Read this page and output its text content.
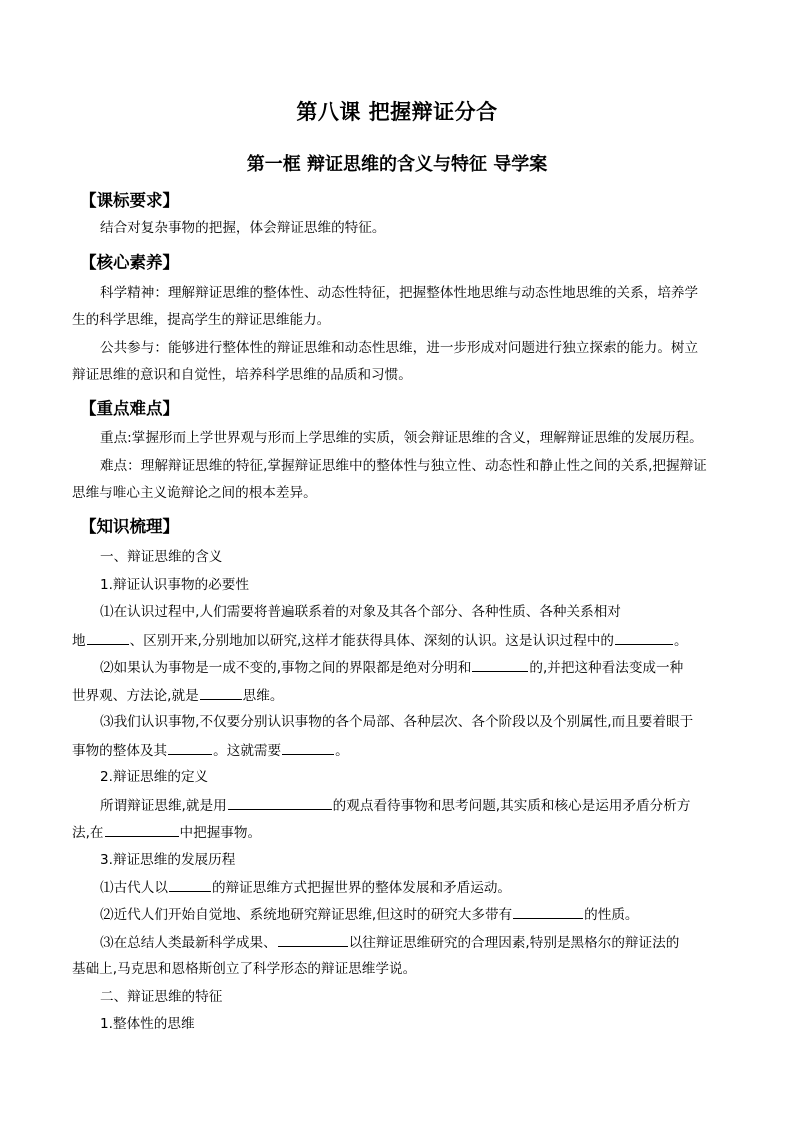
第八课 把握辩证分合
第一框 辩证思维的含义与特征 导学案
【课标要求】
结合对复杂事物的把握，体会辩证思维的特征。
【核心素养】
科学精神：理解辩证思维的整体性、动态性特征，把握整体性地思维与动态性地思维的关系，培养学
生的科学思维，提高学生的辩证思维能力。
公共参与：能够进行整体性的辩证思维和动态性思维，进一步形成对问题进行独立探索的能力。树立
辩证思维的意识和自觉性，培养科学思维的品质和习惯。
【重点难点】
重点:掌握形而上学世界观与形而上学思维的实质，领会辩证思维的含义，理解辩证思维的发展历程。
难点：理解辩证思维的特征,掌握辩证思维中的整体性与独立性、动态性和静止性之间的关系,把握辩证
思维与唯心主义诡辩论之间的根本差异。
【知识梳理】
一、辩证思维的含义
1.辩证认识事物的必要性
⑴在认识过程中,人们需要将普遍联系着的对象及其各个部分、各种性质、各种关系相对
地	、区别开来,分别地加以研究,这样才能获得具体、深刻的认识。这是认识过程中的	。
⑵如果认为事物是一成不变的,事物之间的界限都是绝对分明和	的,并把这种看法变成一种
世界观、方法论,就是	思维。
⑶我们认识事物,不仅要分别认识事物的各个局部、各种层次、各个阶段以及个别属性,而且要着眼于
事物的整体及其	。这就需要	。
2.辩证思维的定义
所谓辩证思维,就是用	的观点看待事物和思考问题,其实质和核心是运用矛盾分析方
法,在	中把握事物。
3.辩证思维的发展历程
⑴古代人以	的辩证思维方式把握世界的整体发展和矛盾运动。
⑵近代人们开始自觉地、系统地研究辩证思维,但这时的研究大多带有	的性质。
⑶在总结人类最新科学成果、	以往辩证思维研究的合理因素,特别是黑格尔的辩证法的
基础上,马克思和恩格斯创立了科学形态的辩证思维学说。
二、辩证思维的特征
1.整体性的思维
